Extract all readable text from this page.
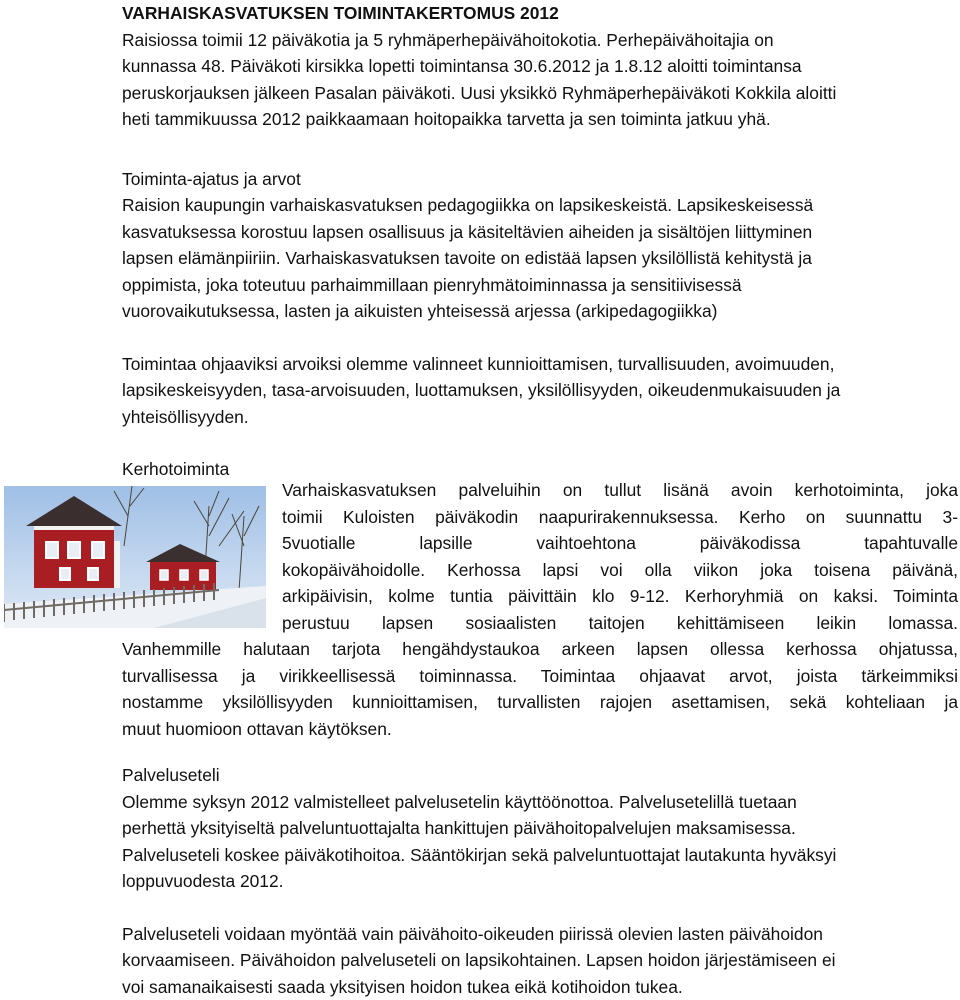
VARHAISKASVATUKSEN TOIMINTAKERTOMUS 2012

Raisiossa toimii 12 päiväkotia ja 5 ryhmäperhepäivähoitokotia. Perhepäivähoitajia on

kunnassa 48. Päiväkoti kirsikka lopetti toimintansa 30.6.2012 ja 1.8.12 aloitti toimintansa

peruskorjauksen jälkeen Pasalan päiväkoti. Uusi yksikkö Ryhmäperhepäiväkoti Kokkila aloitti

heti tammikuussa 2012 paikkaamaan hoitopaikka tarvetta ja sen toiminta jatkuu yhä.

Toiminta-ajatus ja arvot

Raision kaupungin varhaiskasvatuksen pedagogiikka on lapsikeskeistä. Lapsikeskeisessä

kasvatuksessa korostuu lapsen osallisuus ja käsiteltävien aiheiden ja sisältöjen liittyminen

lapsen elämänpiiriin. Varhaiskasvatuksen tavoite on edistää lapsen yksilöllistä kehitystä ja

oppimista, joka toteutuu parhaimmillaan pienryhmätoiminnassa ja sensitiivisessä

vuorovaikutuksessa, lasten ja aikuisten yhteisessä arjessa (arkipedagogiikka)

Toimintaa ohjaaviksi arvoiksi olemme valinneet kunnioittamisen, turvallisuuden, avoimuuden,

lapsikeskeisyyden, tasa-arvoisuuden, luottamuksen, yksilöllisyyden, oikeudenmukaisuuden ja

yhteisöllisyyden.

Kerhotoiminta

Varhaiskasvatuksen palveluihin on tullut lisänä avoin kerhotoiminta, joka
toimii Kuloisten päiväkodin naapurirakennuksessa. Kerho on suunnattu 3-
5vuotialle lapsille vaihtoehtona päiväkodissa tapahtuvalle
kokopäivähoidolle. Kerhossa lapsi voi olla viikon joka toisena päivänä,
arkipäivisin, kolme tuntia päivittäin klo 9-12. Kerhoryhmiä on kaksi. Toiminta
perustuu lapsen sosiaalisten taitojen kehittämiseen leikin lomassa.
Vanhemmille halutaan tarjota hengähdystaukoa arkeen lapsen ollessa kerhossa ohjatussa,
turvallisessa ja virikkeellisessä toiminnassa. Toimintaa ohjaavat arvot, joista tärkeimmiksi
nostamme yksilöllisyyden kunnioittamisen, turvallisten rajojen asettamisen, sekä kohteliaan ja
muut huomioon ottavan käytöksen.

Palveluseteli

Olemme syksyn 2012 valmistelleet palvelusetelin käyttöönottoa. Palvelusetelillä tuetaan
perhettä yksityiseltä palveluntuottajalta hankittujen päivähoitopalvelujen maksamisessa.
Palveluseteli koskee päiväkotihoitoa. Sääntökirjan sekä palveluntuottajat lautakunta hyväksyi
loppuvuodesta 2012.
Palveluseteli voidaan myöntää vain päivähoito-oikeuden piirissä olevien lasten päivähoidon
korvaamiseen. Päivähoidon palveluseteli on lapsikohtainen. Lapsen hoidon järjestämiseen ei
voi samanaikaisesti saada yksityisen hoidon tukea eikä kotihoidon tukea.
